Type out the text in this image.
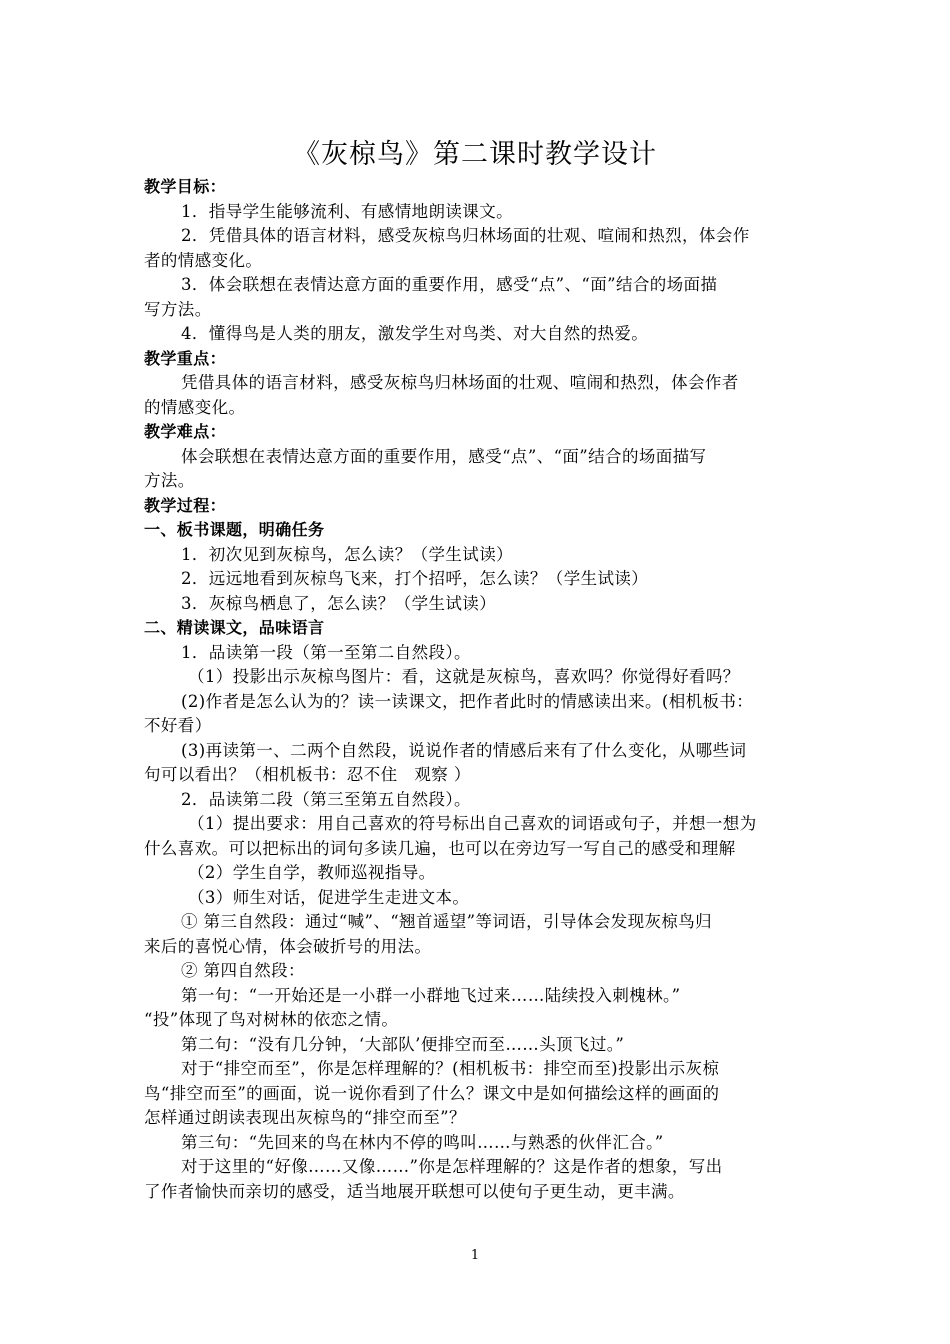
《灰椋鸟》第二课时教学设计
教学目标：
1．指导学生能够流利、有感情地朗读课文。
2．凭借具体的语言材料，感受灰椋鸟归林场面的壮观、喧闹和热烈，体会作
者的情感变化。
3．体会联想在表情达意方面的重要作用，感受“点”、“面”结合的场面描
写方法。
4．懂得鸟是人类的朋友，激发学生对鸟类、对大自然的热爱。
教学重点：
凭借具体的语言材料，感受灰椋鸟归林场面的壮观、喧闹和热烈，体会作者
的情感变化。
教学难点：
体会联想在表情达意方面的重要作用，感受“点”、“面”结合的场面描写
方法。
教学过程：
一、板书课题，明确任务
1．初次见到灰椋鸟，怎么读？（学生试读）
2．远远地看到灰椋鸟飞来，打个招呼，怎么读？（学生试读）
3．灰椋鸟栖息了，怎么读？（学生试读）
二、精读课文，品味语言
1．品读第一段（第一至第二自然段）。
（1）投影出示灰椋鸟图片：看，这就是灰椋鸟，喜欢吗？你觉得好看吗？
(2)作者是怎么认为的？读一读课文，把作者此时的情感读出来。(相机板书：
不好看）
(3)再读第一、二两个自然段，说说作者的情感后来有了什么变化，从哪些词
句可以看出？（相机板书：忍不住　观察 ）
2．品读第二段（第三至第五自然段）。
（1）提出要求：用自己喜欢的符号标出自己喜欢的词语或句子，并想一想为
什么喜欢。可以把标出的词句多读几遍，也可以在旁边写一写自己的感受和理解
（2）学生自学，教师巡视指导。
（3）师生对话，促进学生走进文本。
① 第三自然段：通过“喊”、“翘首遥望”等词语，引导体会发现灰椋鸟归
来后的喜悦心情，体会破折号的用法。
② 第四自然段：
第一句：“一开始还是一小群一小群地飞过来……陆续投入刺槐林。”
“投”体现了鸟对树林的依恋之情。
第二句：“没有几分钟，‘大部队’便排空而至……头顶飞过。”
对于“排空而至”，你是怎样理解的？(相机板书：排空而至)投影出示灰椋
鸟“排空而至”的画面，说一说你看到了什么？课文中是如何描绘这样的画面的
怎样通过朗读表现出灰椋鸟的“排空而至”？
第三句：“先回来的鸟在林内不停的鸣叫……与熟悉的伙伴汇合。”
对于这里的“好像……又像……”你是怎样理解的？这是作者的想象，写出
了作者愉快而亲切的感受，适当地展开联想可以使句子更生动，更丰满。
1
